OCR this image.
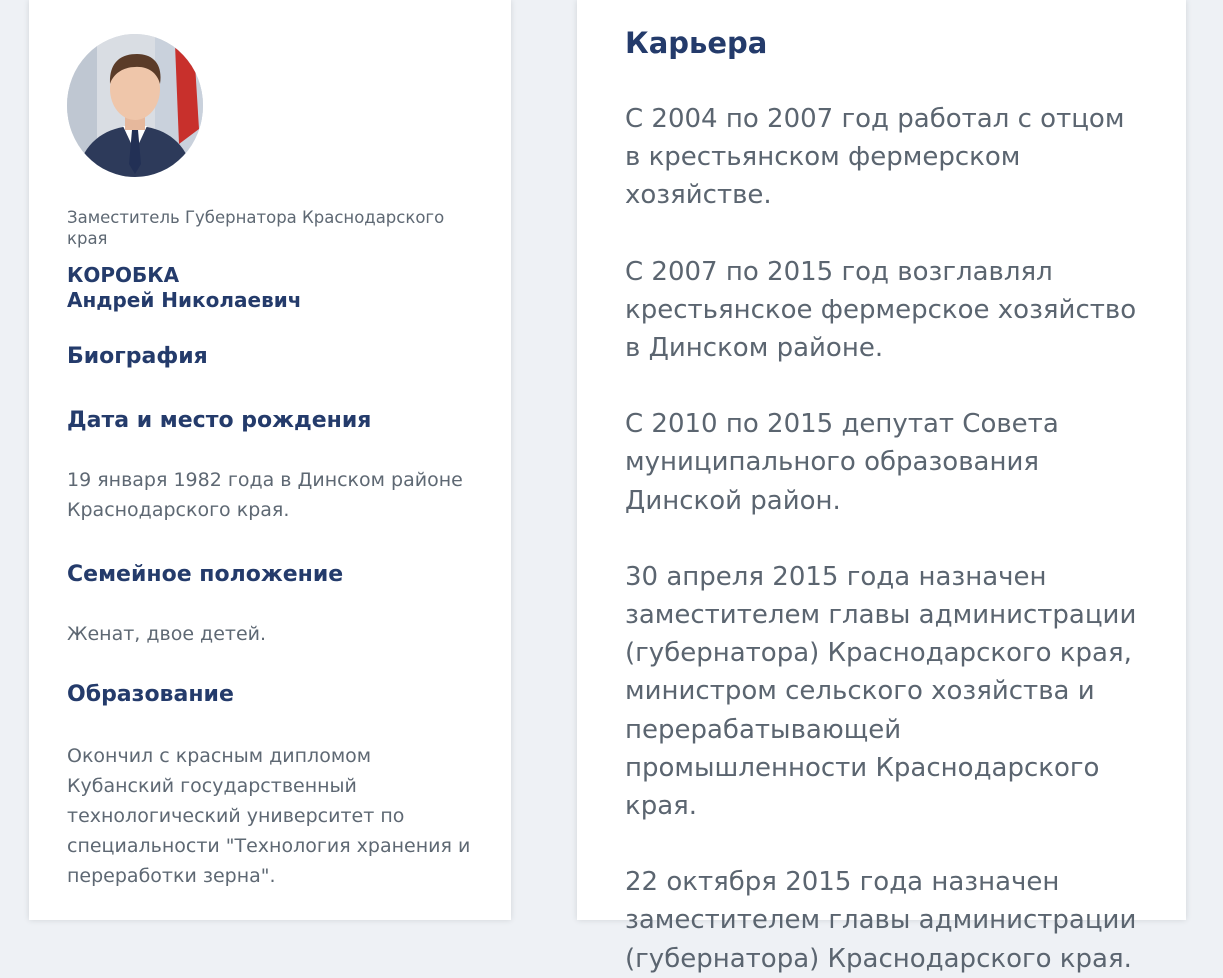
Заместитель Губернатора Краснодарского края
КОРОБКА
Андрей Николаевич
Биография
Дата и место рождения
19 января 1982 года в Динском районе Краснодарского края.
Семейное положение
Женат, двое детей.
Образование
Окончил с красным дипломом Кубанский государственный технологический университет по специальности "Технология хранения и переработки зерна".
Карьера

С 2004 по 2007 год работал с отцом в крестьянском фермерском хозяйстве.

С 2007 по 2015 год возглавлял крестьянское фермерское хозяйство в Динском районе.

С 2010 по 2015 депутат Совета муниципального образования Динской район.

30 апреля 2015 года назначен заместителем главы администрации (губернатора) Краснодарского края, министром сельского хозяйства и перерабатывающей промышленности Краснодарского края.

22 октября 2015 года назначен заместителем главы администрации (губернатора) Краснодарского края.
